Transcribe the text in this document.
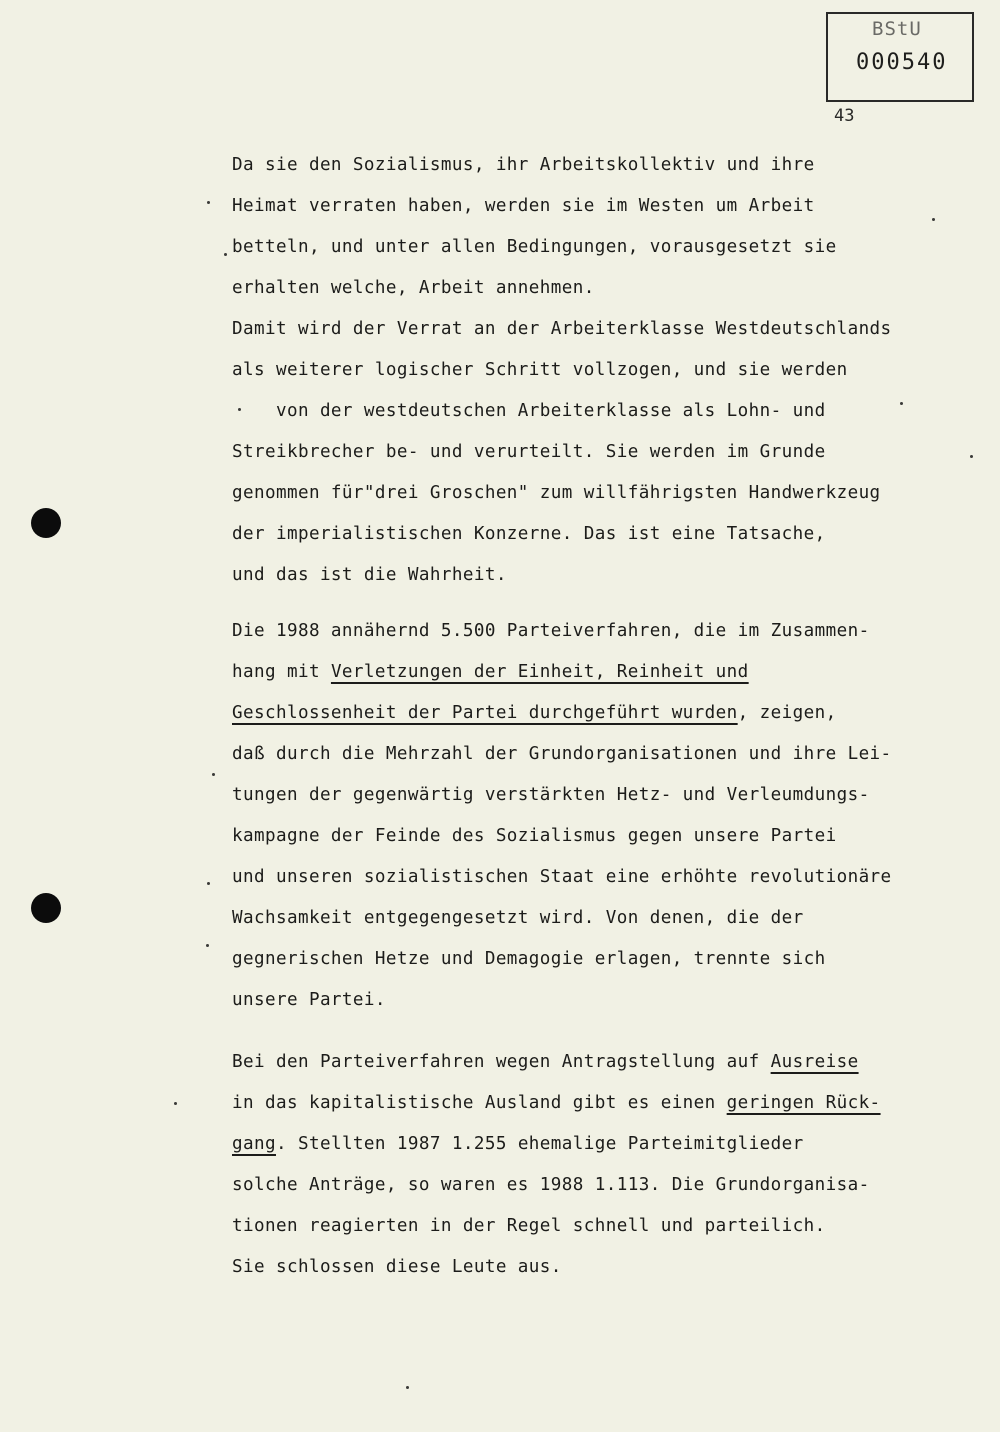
BStU
000540
43
Da sie den Sozialismus, ihr Arbeitskollektiv und ihre
Heimat verraten haben, werden sie im Westen um Arbeit
betteln, und unter allen Bedingungen, vorausgesetzt sie
erhalten welche, Arbeit annehmen.
Damit wird der Verrat an der Arbeiterklasse Westdeutschlands
als weiterer logischer Schritt vollzogen, und sie werden
von der westdeutschen Arbeiterklasse als Lohn- und
Streikbrecher be- und verurteilt. Sie werden im Grunde
genommen für"drei Groschen" zum willfährigsten Handwerkzeug
der imperialistischen Konzerne. Das ist eine Tatsache,
und das ist die Wahrheit.
Die 1988 annähernd 5.500 Parteiverfahren, die im Zusammen-
hang mit Verletzungen der Einheit, Reinheit und
Geschlossenheit der Partei durchgeführt wurden, zeigen,
daß durch die Mehrzahl der Grundorganisationen und ihre Lei-
tungen der gegenwärtig verstärkten Hetz- und Verleumdungs-
kampagne der Feinde des Sozialismus gegen unsere Partei
und unseren sozialistischen Staat eine erhöhte revolutionäre
Wachsamkeit entgegengesetzt wird. Von denen, die der
gegnerischen Hetze und Demagogie erlagen, trennte sich
unsere Partei.
Bei den Parteiverfahren wegen Antragstellung auf Ausreise
in das kapitalistische Ausland gibt es einen geringen Rück-
gang. Stellten 1987 1.255 ehemalige Parteimitglieder
solche Anträge, so waren es 1988 1.113. Die Grundorganisa-
tionen reagierten in der Regel schnell und parteilich.
Sie schlossen diese Leute aus.
